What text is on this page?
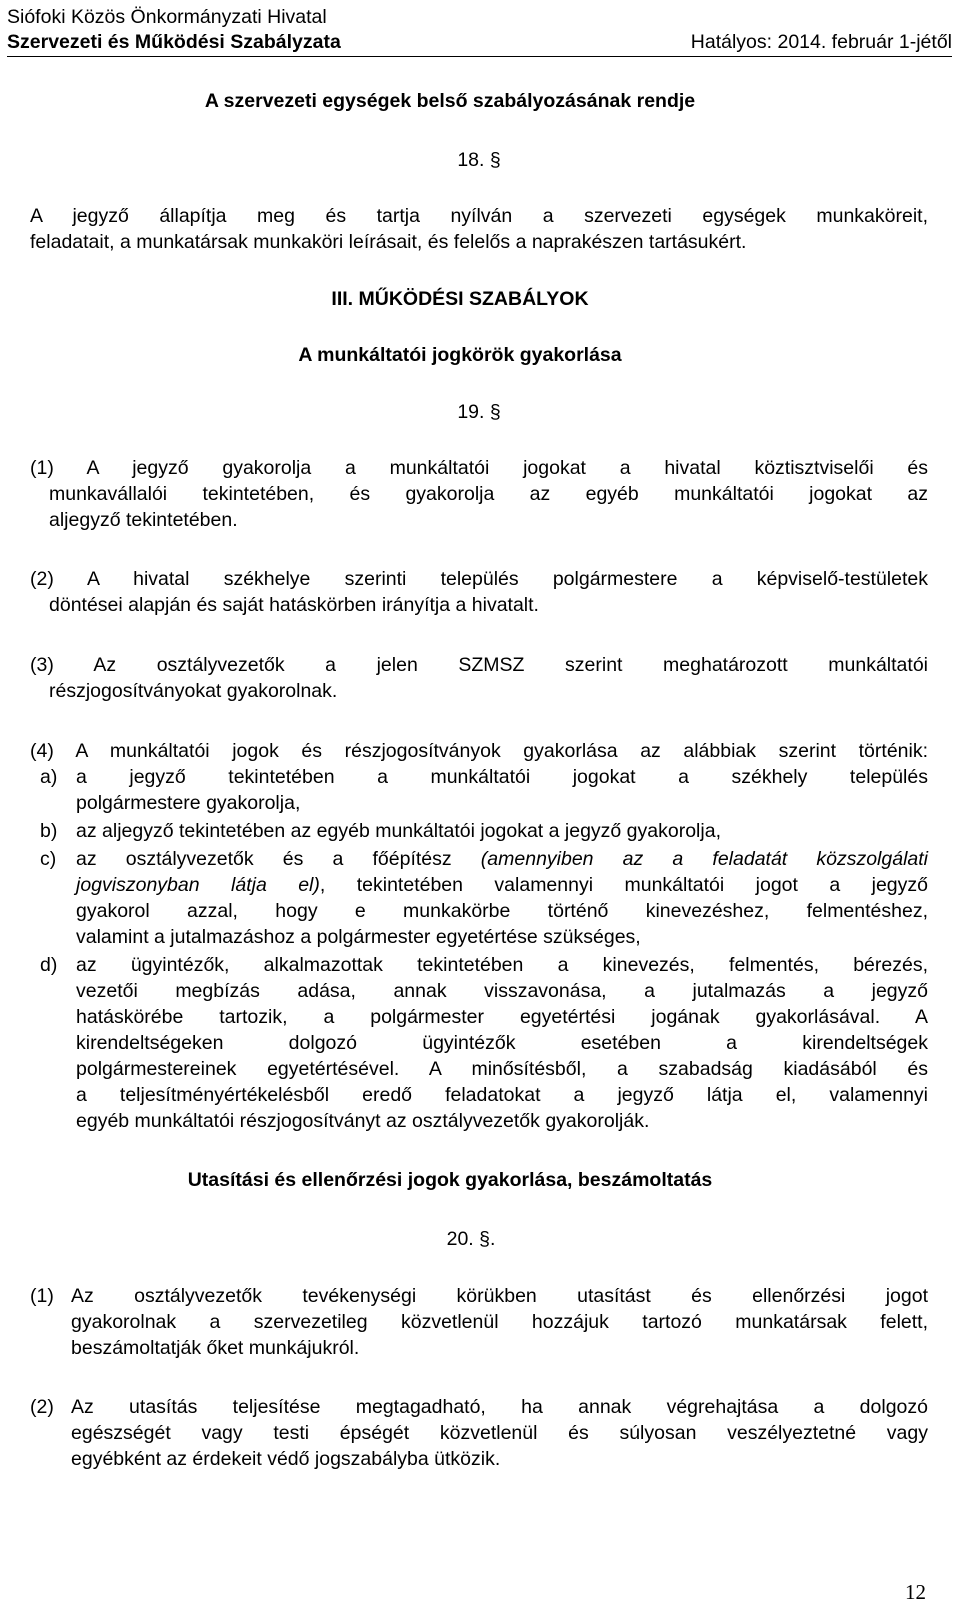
Siófoki Közös Önkormányzati Hivatal
Szervezeti és Működési Szabályzata	Hatályos: 2014. február 1-jétől
A szervezeti egységek belső szabályozásának rendje
18. §
A jegyző állapítja meg és tartja nyílván a szervezeti egységek munkaköreit,
feladatait, a munkatársak munkaköri leírásait, és felelős a naprakészen tartásukért.
III. MŰKÖDÉSI SZABÁLYOK
A munkáltatói jogkörök gyakorlása
19. §
(1) A jegyző gyakorolja a munkáltatói jogokat a hivatal köztisztviselői és
munkavállalói tekintetében, és gyakorolja az egyéb munkáltatói jogokat az
aljegyző tekintetében.
(2) A hivatal székhelye szerinti település polgármestere a képviselő-testületek
döntései alapján és saját hatáskörben irányítja a hivatalt.
(3) Az osztályvezetők a jelen SZMSZ szerint meghatározott munkáltatói
részjogosítványokat gyakorolnak.
(4) A munkáltatói jogok és részjogosítványok gyakorlása az alábbiak szerint történik:
a) a jegyző tekintetében a munkáltatói jogokat a székhely település
polgármestere gyakorolja,
b) az aljegyző tekintetében az egyéb munkáltatói jogokat a jegyző gyakorolja,
c) az osztályvezetők és a főépítész (amennyiben az a feladatát közszolgálati
jogviszonyban látja el), tekintetében valamennyi munkáltatói jogot a jegyző
gyakorol azzal, hogy e munkakörbe történő kinevezéshez, felmentéshez,
valamint a jutalmazáshoz a polgármester egyetértése szükséges,
d) az ügyintézők, alkalmazottak tekintetében a kinevezés, felmentés, bérezés,
vezetői megbízás adása, annak visszavonása, a jutalmazás a jegyző
hatáskörébe tartozik, a polgármester egyetértési jogának gyakorlásával. A
kirendeltségeken dolgozó ügyintézők esetében a kirendeltségek
polgármestereinek egyetértésével. A minősítésből, a szabadság kiadásából és
a teljesítményértékelésből eredő feladatokat a jegyző látja el, valamennyi
egyéb munkáltatói részjogosítványt az osztályvezetők gyakorolják.
Utasítási és ellenőrzési jogok gyakorlása, beszámoltatás
20. §.
(1) Az osztályvezetők tevékenységi körükben utasítást és ellenőrzési jogot
gyakorolnak a szervezetileg közvetlenül hozzájuk tartozó munkatársak felett,
beszámoltatják őket munkájukról.
(2) Az utasítás teljesítése megtagadható, ha annak végrehajtása a dolgozó
egészségét vagy testi épségét közvetlenül és súlyosan veszélyeztetné vagy
egyébként az érdekeit védő jogszabályba ütközik.
12
